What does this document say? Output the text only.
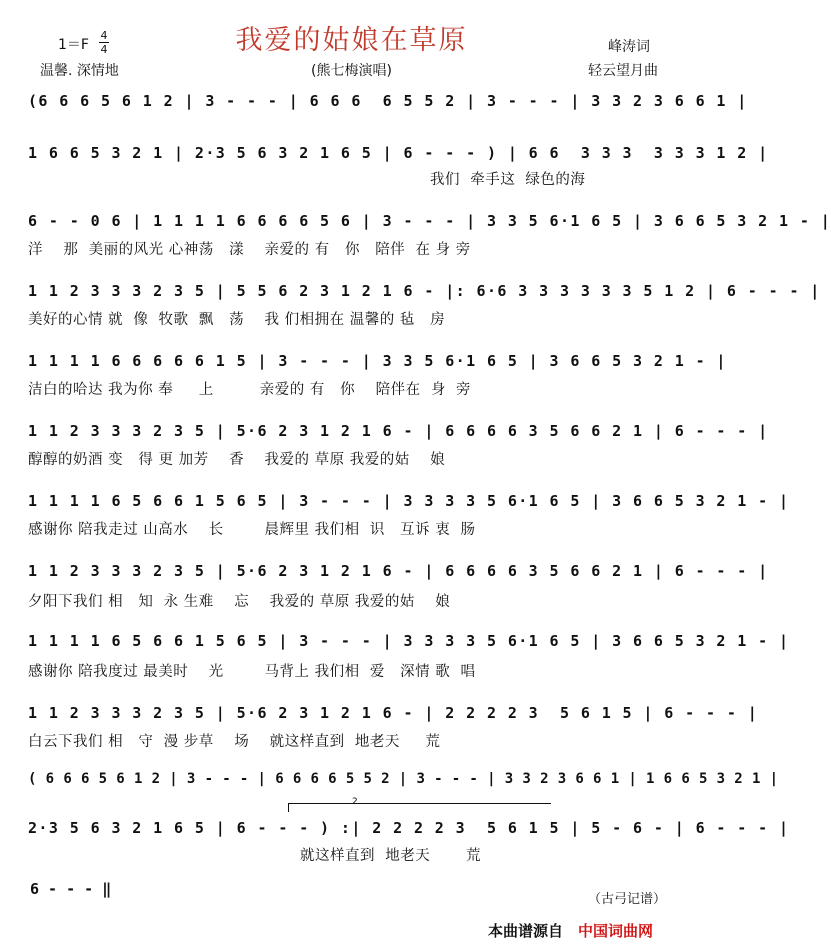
我爱的姑娘在草原
1＝F
4
4
温馨. 深情地	(熊七梅演唱)
峰涛词
轻云望月曲
(6 6 6 5 6 1 2 | 3 - - - | 6 6 6  6 5 5 2 | 3 - - - | 3 3 2 3 6 6 1 |
1 6 6 5 3 2 1 | 2·3 5 6 3 2 1 6 5 | 6 - - - ) | 6 6  3 3 3  3 3 3 1 2 |
我们  牵手这  绿色的海
6 - - 0 6 | 1 1 1 1 6 6 6 6 5 6 | 3 - - - | 3 3 5 6·1 6 5 | 3 6 6 5 3 2 1 - |
洋    那  美丽的风光 心神荡   漾    亲爱的 有   你   陪伴  在 身 旁
1 1 2 3 3 3 2 3 5 | 5 5 6 2 3 1 2 1 6 - |: 6·6 3 3 3 3 3 3 5 1 2 | 6 - - - |
美好的心情 就  像  牧歌  飘   荡    我 们相拥在 温馨的 毡   房
1 1 1 1 6 6 6 6 6 1 5 | 3 - - - | 3 3 5 6·1 6 5 | 3 6 6 5 3 2 1 - |
洁白的哈达 我为你 奉     上         亲爱的 有   你    陪伴在  身  旁
1 1 2 3 3 3 2 3 5 | 5·6 2 3 1 2 1 6 - | 6 6 6 6 3 5 6 6 2 1 | 6 - - - |
醇醇的奶酒 变   得 更 加芳    香    我爱的 草原 我爱的姑    娘
1 1 1 1 6 5 6 6 1 5 6 5 | 3 - - - | 3 3 3 3 5 6·1 6 5 | 3 6 6 5 3 2 1 - |
感谢你 陪我走过 山高水    长        晨辉里 我们相  识   互诉 衷  肠
1 1 2 3 3 3 2 3 5 | 5·6 2 3 1 2 1 6 - | 6 6 6 6 3 5 6 6 2 1 | 6 - - - |
夕阳下我们 相   知  永 生难    忘    我爱的 草原 我爱的姑    娘
1 1 1 1 6 5 6 6 1 5 6 5 | 3 - - - | 3 3 3 3 5 6·1 6 5 | 3 6 6 5 3 2 1 - |
感谢你 陪我度过 最美时    光        马背上 我们相  爱   深情 歌  唱
1 1 2 3 3 3 2 3 5 | 5·6 2 3 1 2 1 6 - | 2 2 2 2 3  5 6 1 5 | 6 - - - |
白云下我们 相   守  漫 步草    场    就这样直到  地老天     荒
( 6 6 6 5 6 1 2 | 3 - - - | 6 6 6 6 5 5 2 | 3 - - - | 3 3 2 3 6 6 1 | 1 6 6 5 3 2 1 |
2
2·3 5 6 3 2 1 6 5 | 6 - - - ) :| 2 2 2 2 3  5 6 1 5 | 5 - 6 - | 6 - - - |
就这样直到  地老天       荒
6 - - - ‖
（古弓记谱）
本曲谱源自 中国词曲网
